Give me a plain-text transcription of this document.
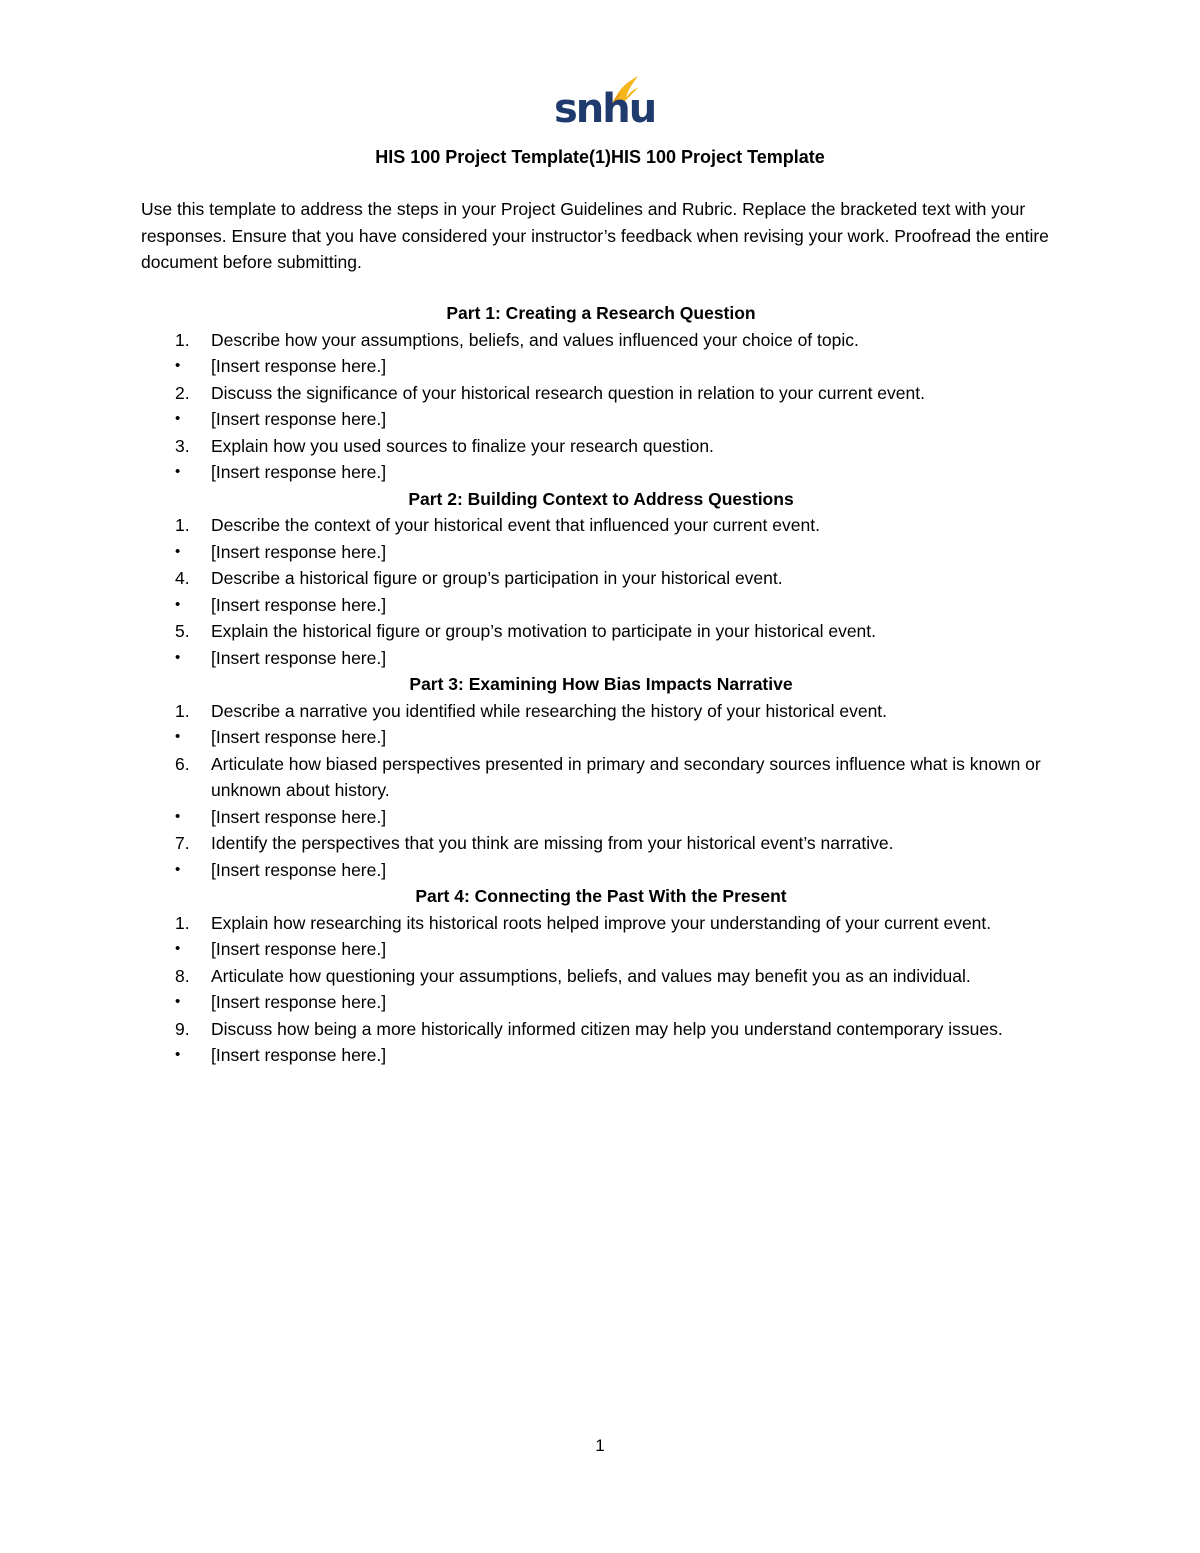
snhu
HIS 100 Project Template(1)HIS 100 Project Template

Use this template to address the steps in your Project Guidelines and Rubric. Replace the bracketed text with your responses. Ensure that you have considered your instructor’s feedback when revising your work. Proofread the entire document before submitting.

Part 1: Creating a Research Question
1.	Describe how your assumptions, beliefs, and values influenced your choice of topic.
•	[Insert response here.]
2.	Discuss the significance of your historical research question in relation to your current event.
•	[Insert response here.]
3.	Explain how you used sources to finalize your research question.
•	[Insert response here.]
Part 2: Building Context to Address Questions
1.	Describe the context of your historical event that influenced your current event.
•	[Insert response here.]
4.	Describe a historical figure or group’s participation in your historical event.
•	[Insert response here.]
5.	Explain the historical figure or group’s motivation to participate in your historical event.
•	[Insert response here.]
Part 3: Examining How Bias Impacts Narrative
1.	Describe a narrative you identified while researching the history of your historical event.
•	[Insert response here.]
6.	Articulate how biased perspectives presented in primary and secondary sources influence what is known or unknown about history.
•	[Insert response here.]
7.	Identify the perspectives that you think are missing from your historical event’s narrative.
•	[Insert response here.]
Part 4: Connecting the Past With the Present
1.	Explain how researching its historical roots helped improve your understanding of your current event.
•	[Insert response here.]
8.	Articulate how questioning your assumptions, beliefs, and values may benefit you as an individual.
•	[Insert response here.]
9.	Discuss how being a more historically informed citizen may help you understand contemporary issues.
•	[Insert response here.]
1
